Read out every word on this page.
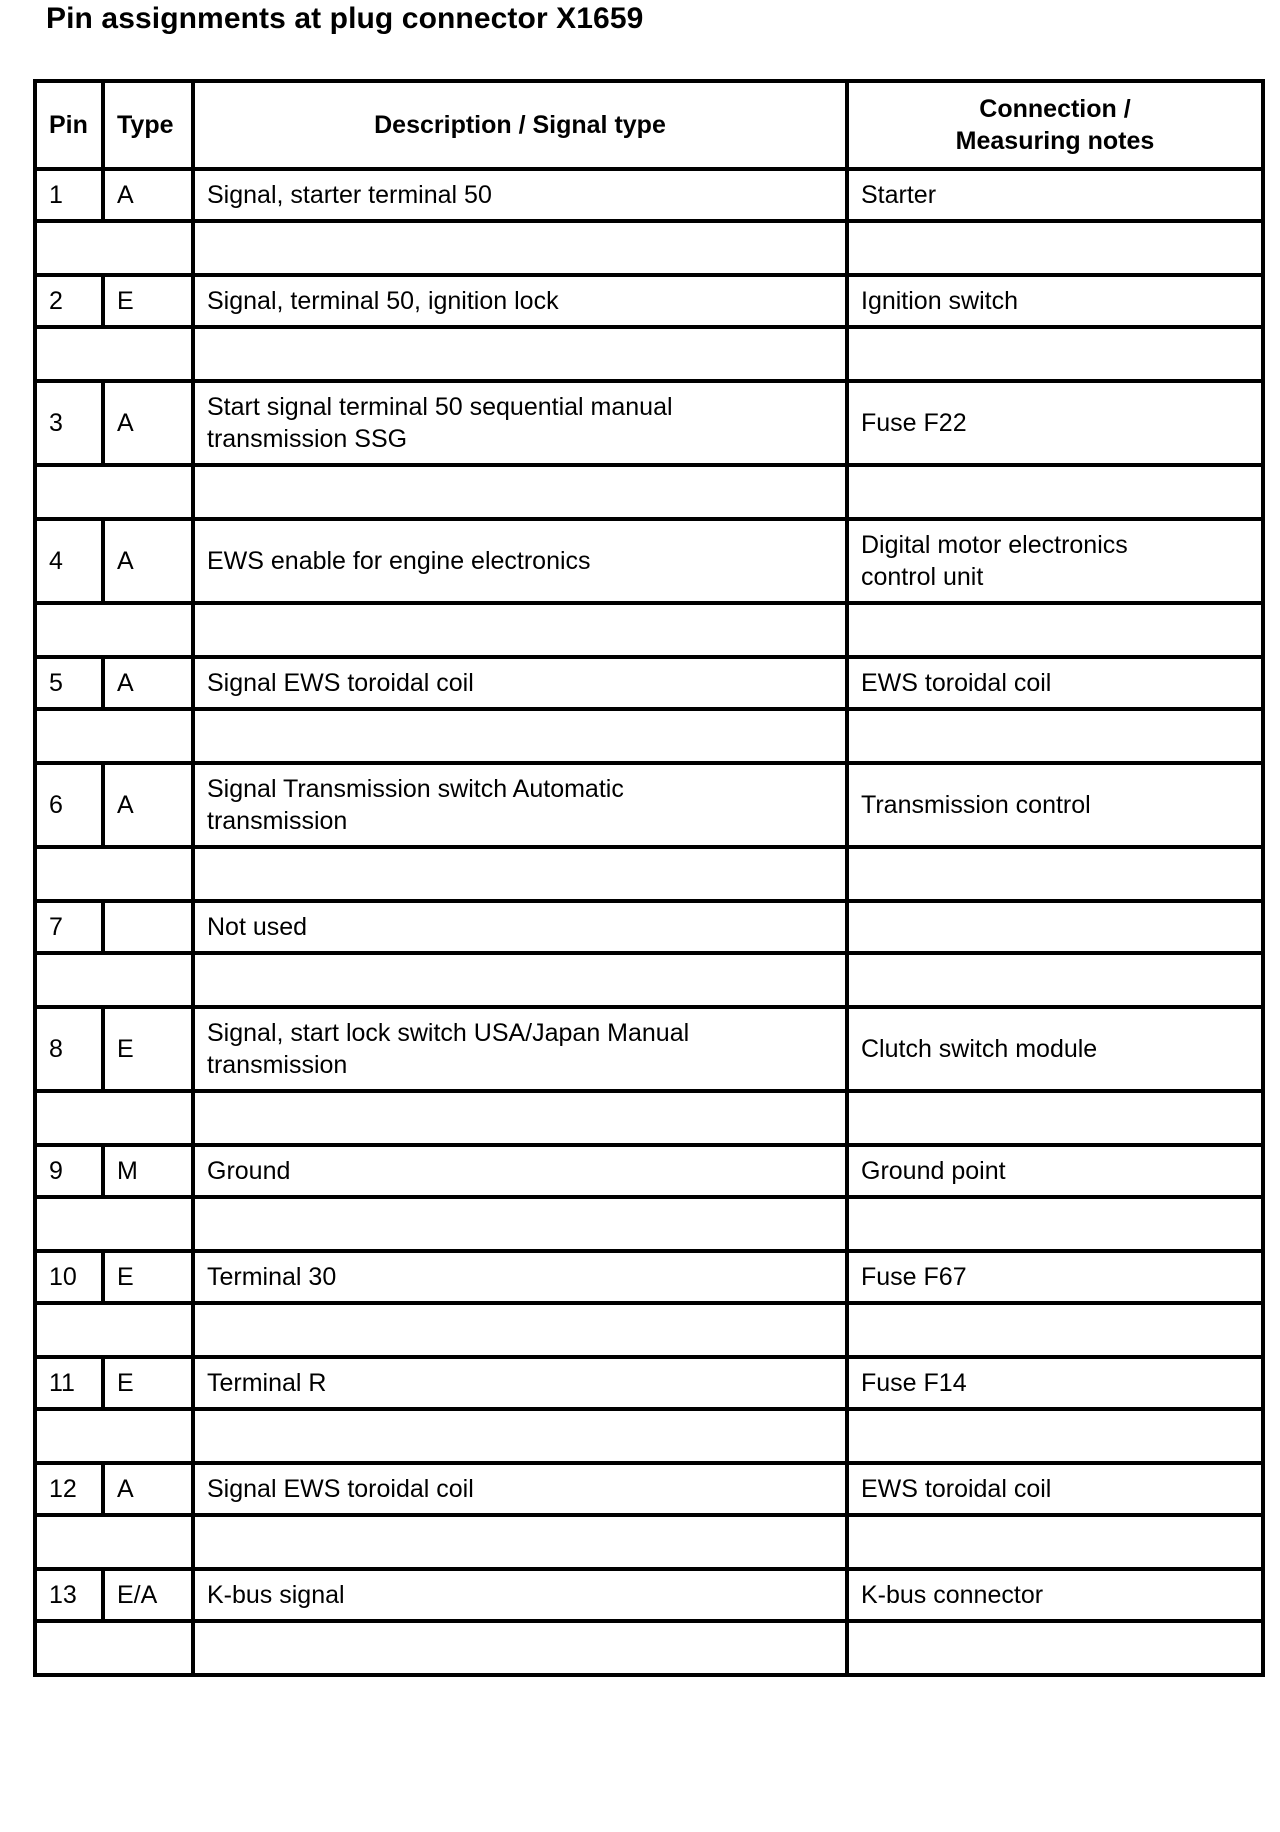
Pin assignments at plug connector X1659
Pin	Type	Description / Signal type	Connection /
Measuring notes

1	A	Signal, starter terminal 50	Starter

2	E	Signal, terminal 50, ignition lock	Ignition switch

3	A	Start signal terminal 50 sequential manual
transmission SSG	Fuse F22

4	A	EWS enable for engine electronics	Digital motor electronics
control unit

5	A	Signal EWS toroidal coil	EWS toroidal coil

6	A	Signal Transmission switch Automatic
transmission	Transmission control

7		Not used	

8	E	Signal, start lock switch USA/Japan Manual
transmission	Clutch switch module

9	M	Ground	Ground point

10	E	Terminal 30	Fuse F67

11	E	Terminal R	Fuse F14

12	A	Signal EWS toroidal coil	EWS toroidal coil

13	E/A	K-bus signal	K-bus connector
